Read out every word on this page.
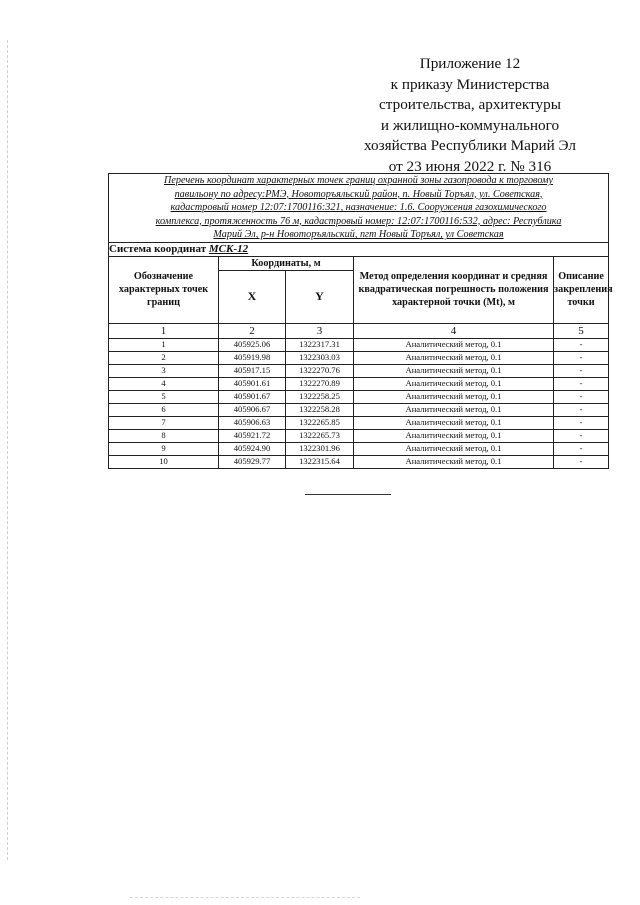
Приложение 12
к приказу Министерства
строительства, архитектуры
и жилищно-коммунального
хозяйства Республики Марий Эл
от 23 июня 2022 г. № 316
Перечень координат характерных точек границ охранной зоны газопровода к торговому
павильону по адресу:РМЭ, Новоторъяльский район, п. Новый Торъял, ул. Советская,
кадастровый номер 12:07:1700116:321, назначение: 1.6. Сооружения газохимического
комплекса, протяженность 76 м, кадастровый номер: 12:07:1700116:532, адрес: Республика
Марий Эл, р-н Новоторъяльский, пгт Новый Торъял, ул Советская				

Система координат МСК-12				
Обозначение характерных точек границ	Координаты, м		Метод определения координат и средняя квадратическая погрешность положения характерной точки (Mt), м	Описание закрепления точки
	X	Y		
1	2	3	4	5
1	405925.06	1322317.31	Аналитический метод, 0.1	-
2	405919.98	1322303.03	Аналитический метод, 0.1	-
3	405917.15	1322270.76	Аналитический метод, 0.1	-
4	405901.61	1322270.89	Аналитический метод, 0.1	-
5	405901.67	1322258.25	Аналитический метод, 0.1	-
6	405906.67	1322258.28	Аналитический метод, 0.1	-
7	405906.63	1322265.85	Аналитический метод, 0.1	-
8	405921.72	1322265.73	Аналитический метод, 0.1	-
9	405924.90	1322301.96	Аналитический метод, 0.1	-
10	405929.77	1322315.64	Аналитический метод, 0.1	-
